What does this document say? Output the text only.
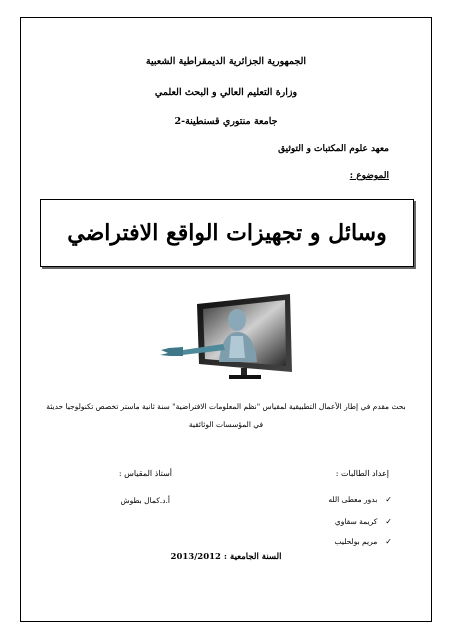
الجمهورية الجزائرية الديمقراطية الشعبية
وزارة التعليم العالي و البحث العلمي
جامعة منتوري قسنطينة-2
معهد علوم المكتبات و التوثيق
الموضوع :
وسائل و تجهيزات الواقع الافتراضي
بحث مقدم في إطار الأعمال التطبيقية لمقياس "نظم المعلومات الافتراضية" سنة ثانية ماستر تخصص تكنولوجيا حديثة
في المؤسسات الوثائقية
إعداد الطالبات :
أستاذ المقياس :
✓بدور معطى الله
✓كريمة سقاوي
✓مريم بولحليب
أ.د.كمال بطوش
السنة الجامعية : 2013/2012
